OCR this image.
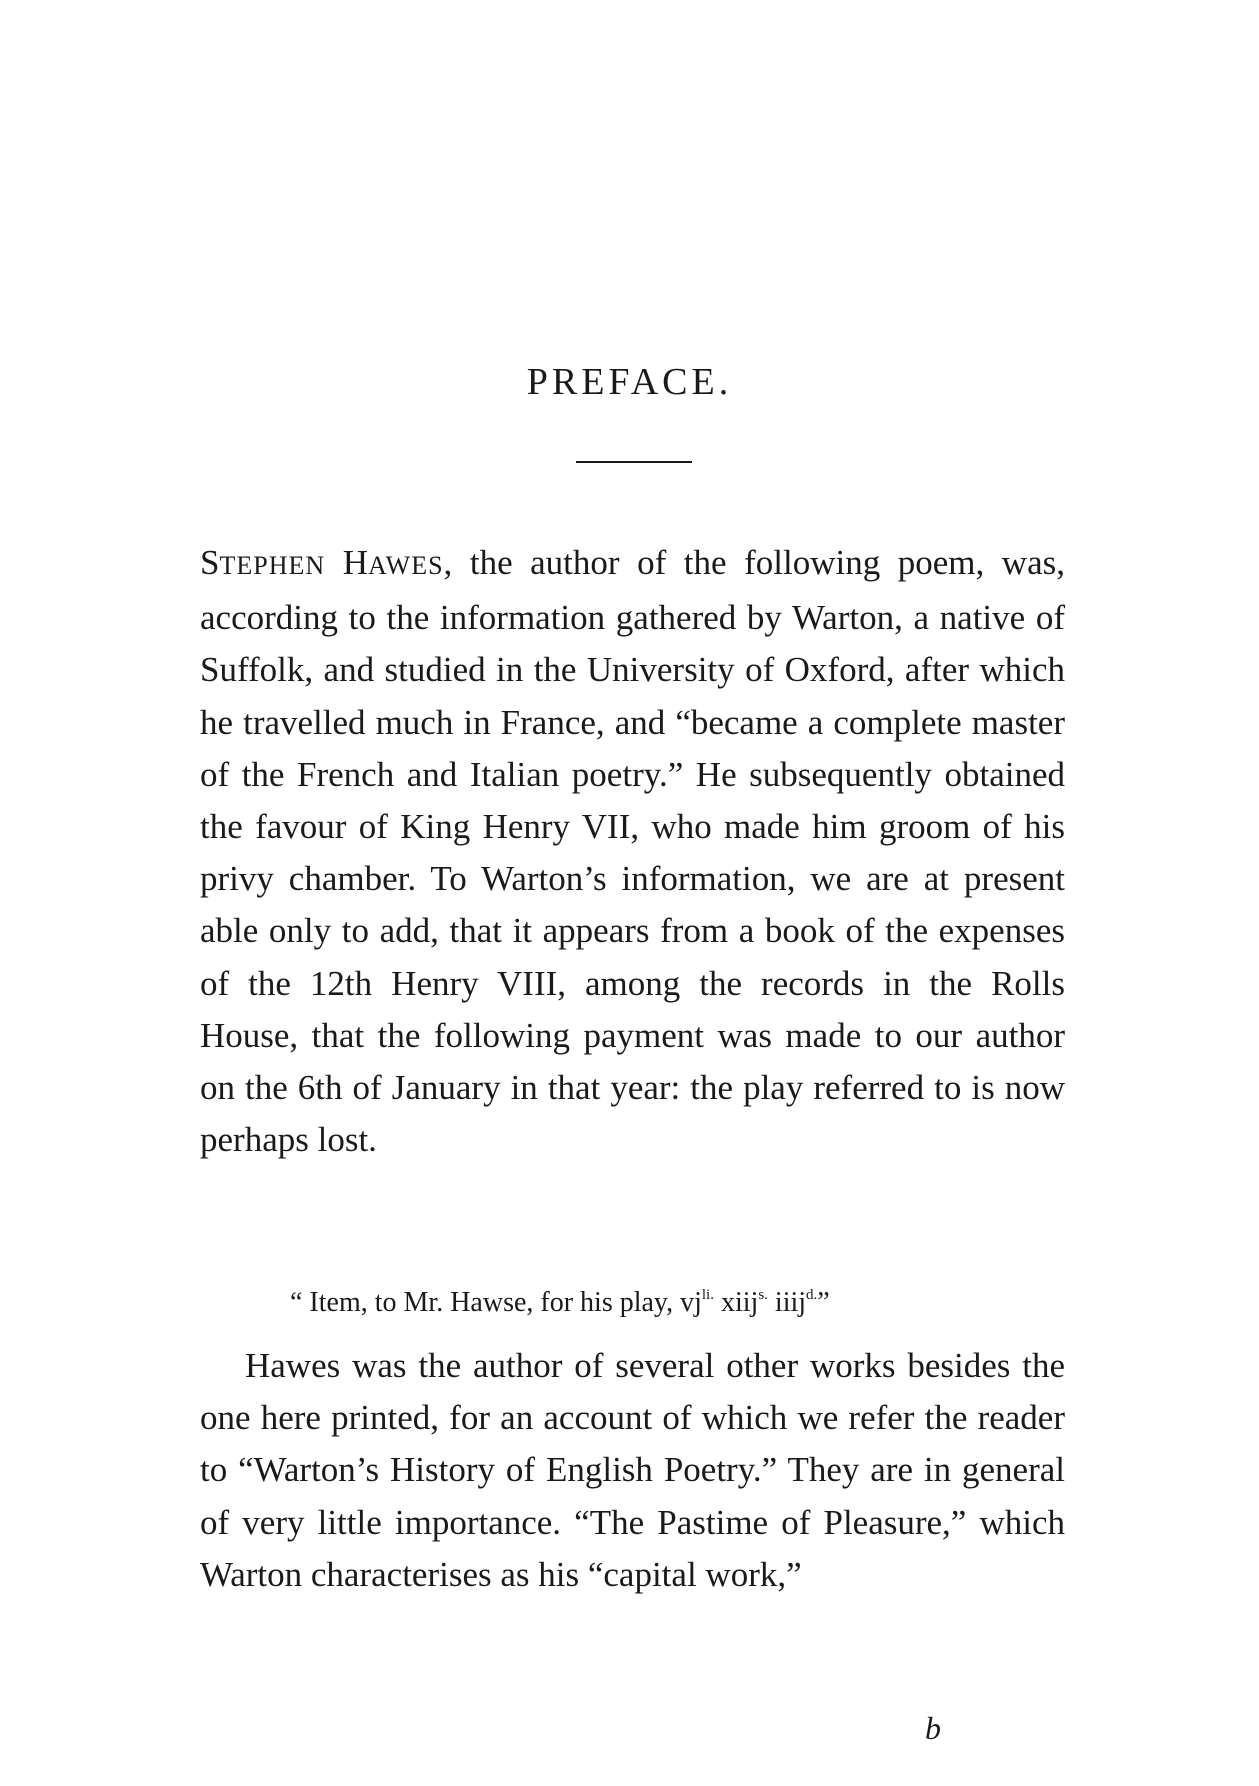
PREFACE.

STEPHEN HAWES, the author of the following poem, was, according to the information gathered by Warton, a native of Suffolk, and studied in the University of Oxford, after which he travelled much in France, and “became a complete master of the French and Italian poetry.” He subsequently obtained the favour of King Henry VII, who made him groom of his privy chamber. To Warton’s information, we are at present able only to add, that it appears from a book of the expenses of the 12th Henry VIII, among the records in the Rolls House, that the following payment was made to our author on the 6th of January in that year: the play referred to is now perhaps lost.

“ Item, to Mr. Hawse, for his play, $vj^{li.}$ xiij$^{s.}$ iiij$^{d.}$”

Hawes was the author of several other works besides the one here printed, for an account of which we refer the reader to “Warton’s History of English Poetry.” They are in general of very little importance. “The Pastime of Pleasure,” which Warton characterises as his “capital work,”

b
